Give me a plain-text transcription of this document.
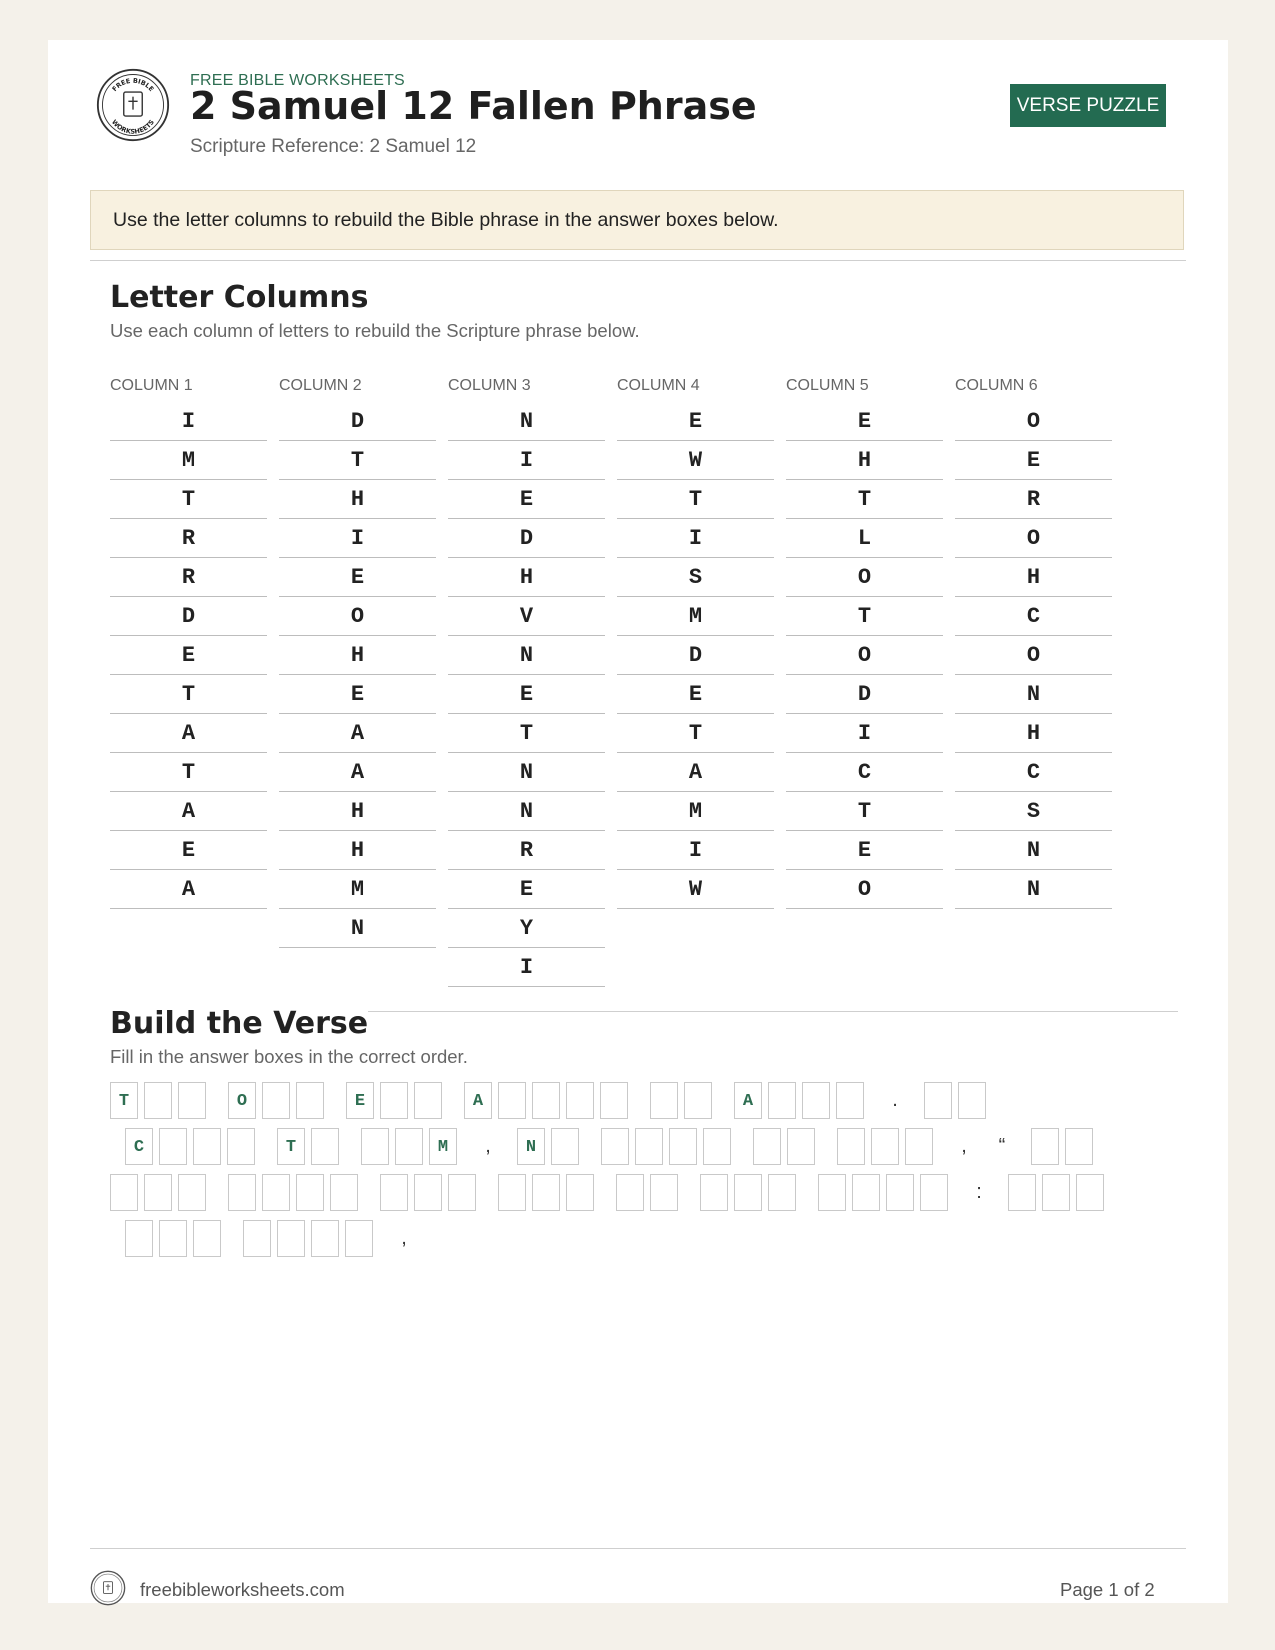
FREE BIBLE
WORKSHEETS
FREE BIBLE WORKSHEETS
2 Samuel 12 Fallen Phrase
Scripture Reference: 2 Samuel 12
VERSE PUZZLE
Use the letter columns to rebuild the Bible phrase in the answer boxes below.
Letter Columns
Use each column of letters to rebuild the Scripture phrase below.
COLUMN 1
I
M
T
R
R
D
E
T
A
T
A
E
A
COLUMN 2
D
T
H
I
E
O
H
E
A
A
H
H
M
N
COLUMN 3
N
I
E
D
H
V
N
E
T
N
N
R
E
Y
I
COLUMN 4
E
W
T
I
S
M
D
E
T
A
M
I
W
COLUMN 5
E
H
T
L
O
T
O
D
I
C
T
E
O
COLUMN 6
O
E
R
O
H
C
O
N
H
C
S
N
N
Build the Verse
Fill in the answer boxes in the correct order.
T	O	E	A	A	.
C	T	M	,	N	, “
:
,
freebibleworksheets.com	Page 1 of 2
